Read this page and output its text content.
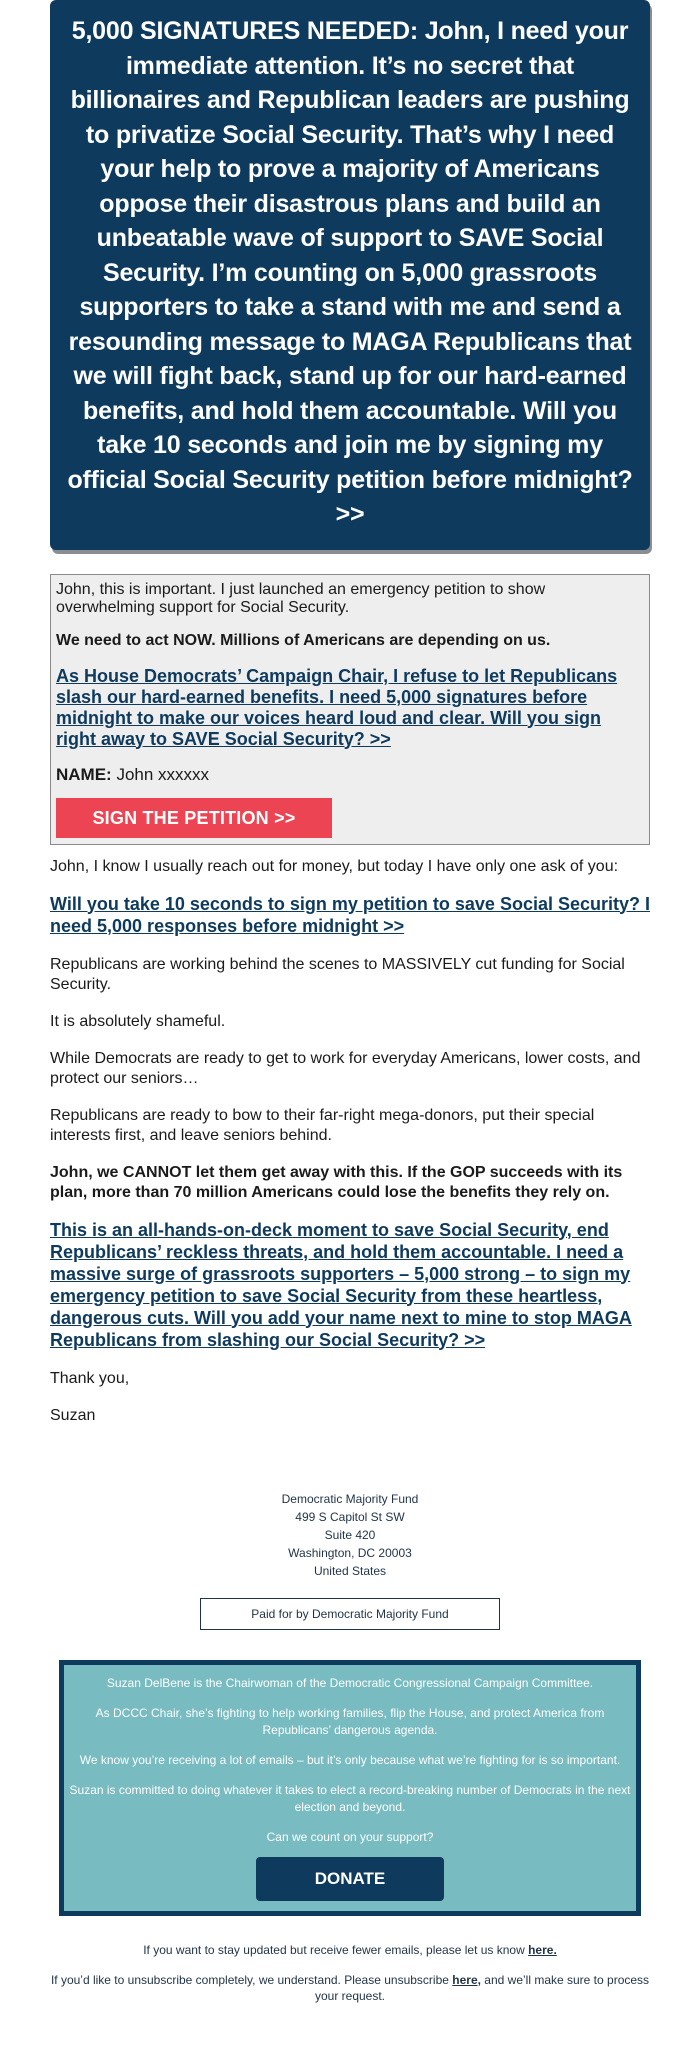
5,000 SIGNATURES NEEDED: John, I need your immediate attention. It’s no secret that billionaires and Republican leaders are pushing to privatize Social Security. That’s why I need your help to prove a majority of Americans oppose their disastrous plans and build an unbeatable wave of support to SAVE Social Security. I’m counting on 5,000 grassroots supporters to take a stand with me and send a resounding message to MAGA Republicans that we will fight back, stand up for our hard-earned benefits, and hold them accountable. Will you take 10 seconds and join me by signing my official Social Security petition before midnight? >>

John, this is important. I just launched an emergency petition to show overwhelming support for Social Security.

We need to act NOW. Millions of Americans are depending on us.

As House Democrats’ Campaign Chair, I refuse to let Republicans slash our hard-earned benefits. I need 5,000 signatures before midnight to make our voices heard loud and clear. Will you sign right away to SAVE Social Security? >>

NAME: John xxxxxx

SIGN THE PETITION >>

John, I know I usually reach out for money, but today I have only one ask of you:

Will you take 10 seconds to sign my petition to save Social Security? I need 5,000 responses before midnight >>

Republicans are working behind the scenes to MASSIVELY cut funding for Social Security.

It is absolutely shameful.

While Democrats are ready to get to work for everyday Americans, lower costs, and protect our seniors…

Republicans are ready to bow to their far-right mega-donors, put their special interests first, and leave seniors behind.

John, we CANNOT let them get away with this. If the GOP succeeds with its plan, more than 70 million Americans could lose the benefits they rely on.

This is an all-hands-on-deck moment to save Social Security, end Republicans’ reckless threats, and hold them accountable. I need a massive surge of grassroots supporters – 5,000 strong – to sign my emergency petition to save Social Security from these heartless, dangerous cuts. Will you add your name next to mine to stop MAGA Republicans from slashing our Social Security? >>

Thank you,

Suzan

Democratic Majority Fund
499 S Capitol St SW
Suite 420
Washington, DC 20003
United States
Paid for by Democratic Majority Fund

Suzan DelBene is the Chairwoman of the Democratic Congressional Campaign Committee.

As DCCC Chair, she’s fighting to help working families, flip the House, and protect America from Republicans’ dangerous agenda.

We know you’re receiving a lot of emails – but it’s only because what we’re fighting for is so important.

Suzan is committed to doing whatever it takes to elect a record-breaking number of Democrats in the next election and beyond.

Can we count on your support?

DONATE

If you want to stay updated but receive fewer emails, please let us know here.

If you’d like to unsubscribe completely, we understand. Please unsubscribe here, and we’ll make sure to process your request.
